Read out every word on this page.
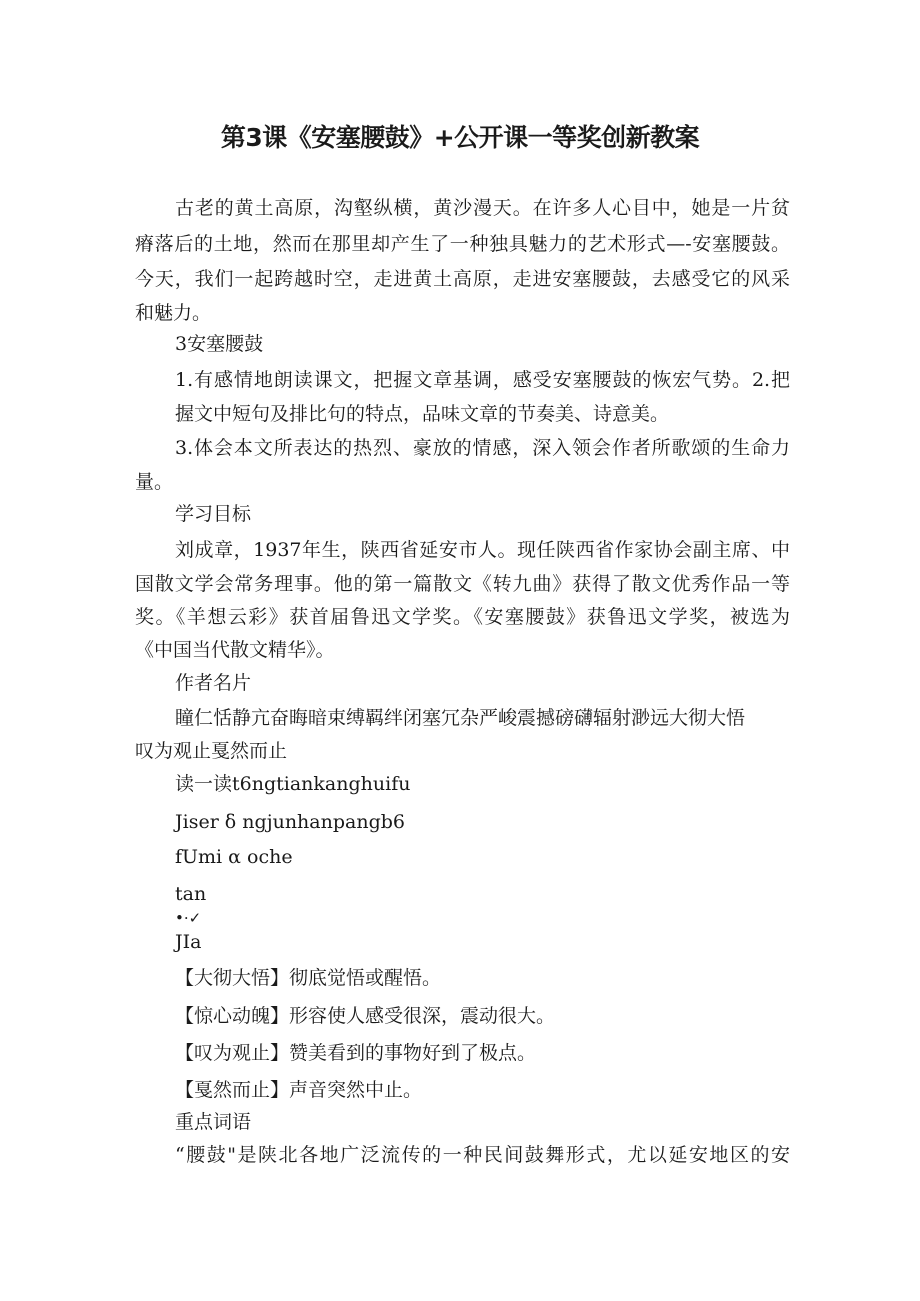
第3课《安塞腰鼓》+公开课一等奖创新教案
古老的黄土高原，沟壑纵横，黄沙漫天。在许多人心目中，她是一片贫
瘠落后的土地，然而在那里却产生了一种独具魅力的艺术形式—-安塞腰鼓。
今天，我们一起跨越时空，走进黄土高原，走进安塞腰鼓，去感受它的风采
和魅力。
3安塞腰鼓
1.有感情地朗读课文，把握文章基调，感受安塞腰鼓的恢宏气势。2.把
握文中短句及排比句的特点，品味文章的节奏美、诗意美。
3.体会本文所表达的热烈、豪放的情感，深入领会作者所歌颂的生命力
量。
学习目标
刘成章，1937年生，陕西省延安市人。现任陕西省作家协会副主席、中
国散文学会常务理事。他的第一篇散文《转九曲》获得了散文优秀作品一等
奖。《羊想云彩》获首届鲁迅文学奖。《安塞腰鼓》获鲁迅文学奖，被选为
《中国当代散文精华》。
作者名片
瞳仁恬静亢奋晦暗束缚羁绊闭塞冗杂严峻震撼磅礴辐射渺远大彻大悟
叹为观止戛然而止
读一读t6ngtiankanghuifu
Jiser δ ngjunhanpangb6
fUmi α oche
tan
•·✓
JIa
【大彻大悟】彻底觉悟或醒悟。
【惊心动魄】形容使人感受很深，震动很大。
【叹为观止】赞美看到的事物好到了极点。
【戛然而止】声音突然中止。
重点词语
“腰鼓"是陕北各地广泛流传的一种民间鼓舞形式，尤以延安地区的安
